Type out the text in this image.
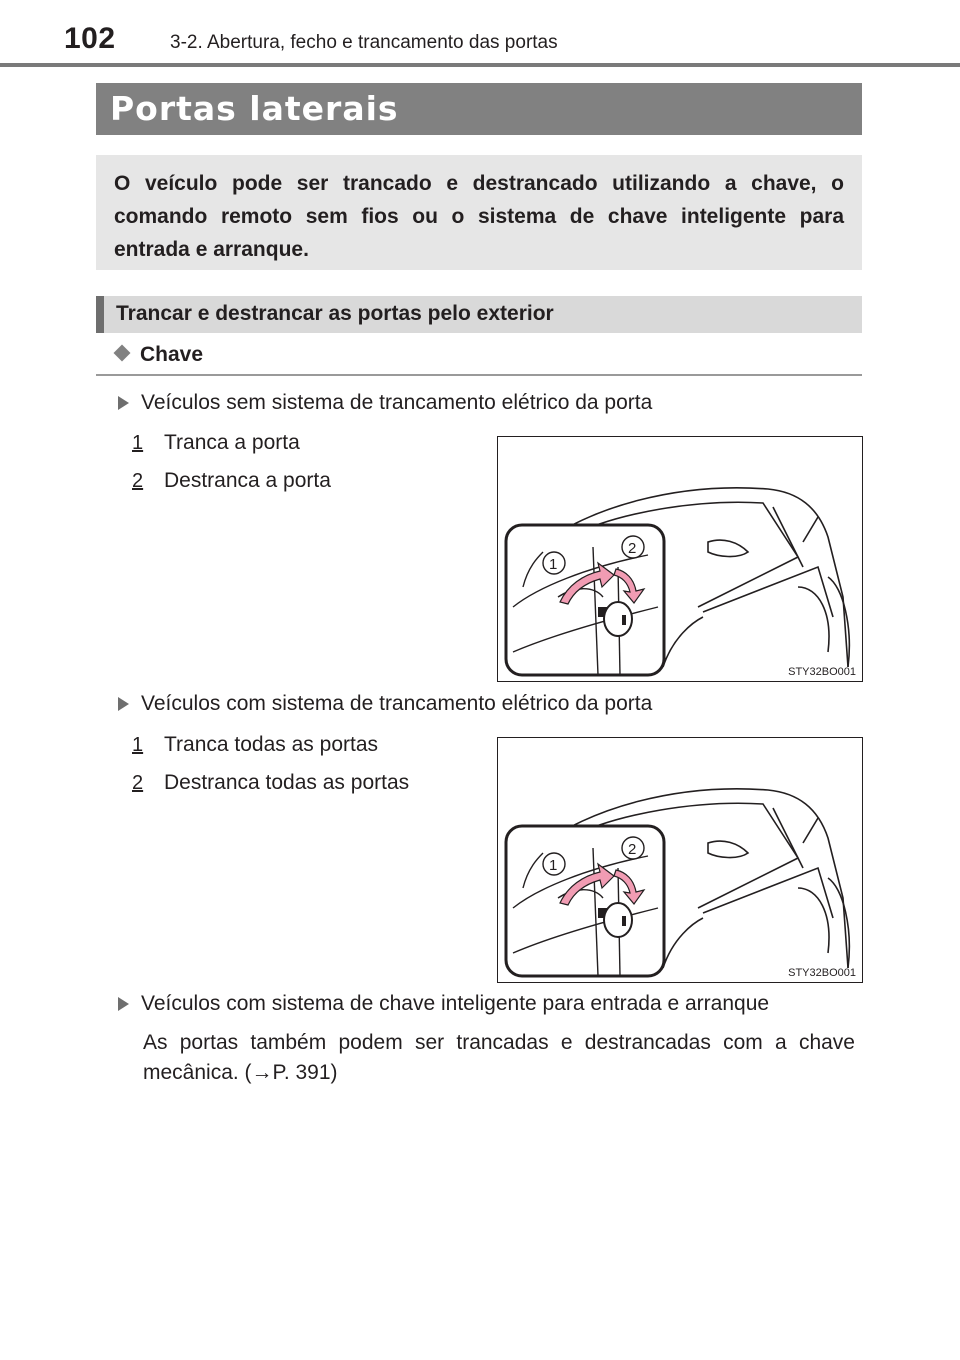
102	3-2. Abertura, fecho e trancamento das portas
Portas laterais
O veículo pode ser trancado e destrancado utilizando a chave, o comando remoto sem fios ou o sistema de chave inteligente para entrada e arranque.
Trancar e destrancar as portas pelo exterior
Chave
Veículos sem sistema de trancamento elétrico da porta
1 Tranca a porta
2 Destranca a porta
1
2
STY32BO001
Veículos com sistema de trancamento elétrico da porta
1 Tranca todas as portas
2 Destranca todas as portas
1
2
STY32BO001
Veículos com sistema de chave inteligente para entrada e arranque
As portas também podem ser trancadas e destrancadas com a chave mecânica. (→P. 391)
